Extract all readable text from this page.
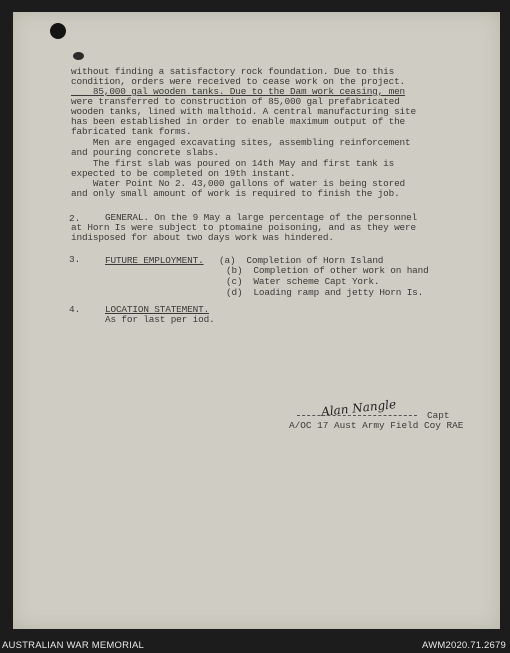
without finding a satisfactory rock foundation. Due to this
condition, orders were received to cease work on the project.
85,000 gal wooden tanks. Due to the Dam work ceasing, men
were transferred to construction of 85,000 gal prefabricated
wooden tanks, lined with malthoid. A central manufacturing site
has been established in order to enable maximum output of the
fabricated tank forms.
Men are engaged excavating sites, assembling reinforcement
and pouring concrete slabs.
The first slab was poured on 14th May and first tank is
expected to be completed on 19th instant.
Water Point No 2. 43,000 gallons of water is being stored
and only small amount of work is required to finish the job.
2.	GENERAL. On the 9 May a large percentage of the personnel
at Horn Is were subject to ptomaine poisoning, and as they were
indisposed for about two days work was hindered.
3.	FUTURE EMPLOYMENT. (a)  Completion of Horn Island
(b)  Completion of other work on hand
(c)  Water scheme Capt York.
(d)  Loading ramp and jetty Horn Is.
4.	LOCATION STATEMENT.
As for last per iod.
Alan Nangle	Capt
A/OC 17 Aust Army Field Coy RAE
AUSTRALIAN WAR MEMORIAL	AWM2020.71.2679
